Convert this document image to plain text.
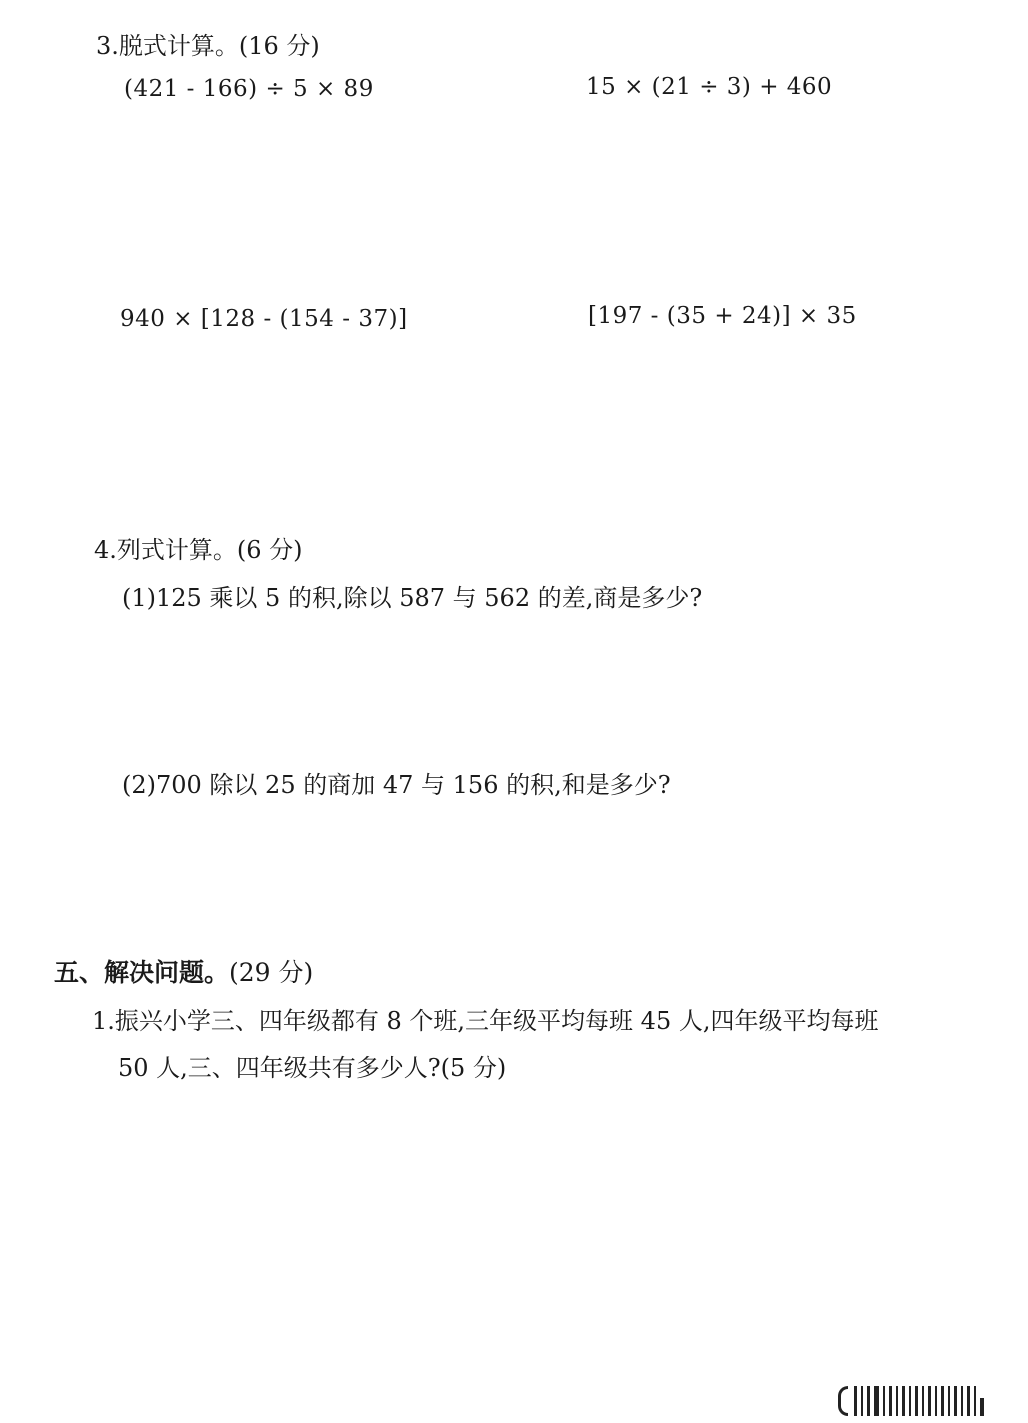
3.脱式计算。(16 分)
(421 - 166) ÷ 5 × 89	15 × (21 ÷ 3) + 460
940 × [128 - (154 - 37)]	[197 - (35 + 24)] × 35
4.列式计算。(6 分)
(1)125 乘以 5 的积,除以 587 与 562 的差,商是多少?
(2)700 除以 25 的商加 47 与 156 的积,和是多少?
五、解决问题。(29 分)
1.振兴小学三、四年级都有 8 个班,三年级平均每班 45 人,四年级平均每班
50 人,三、四年级共有多少人?(5 分)
